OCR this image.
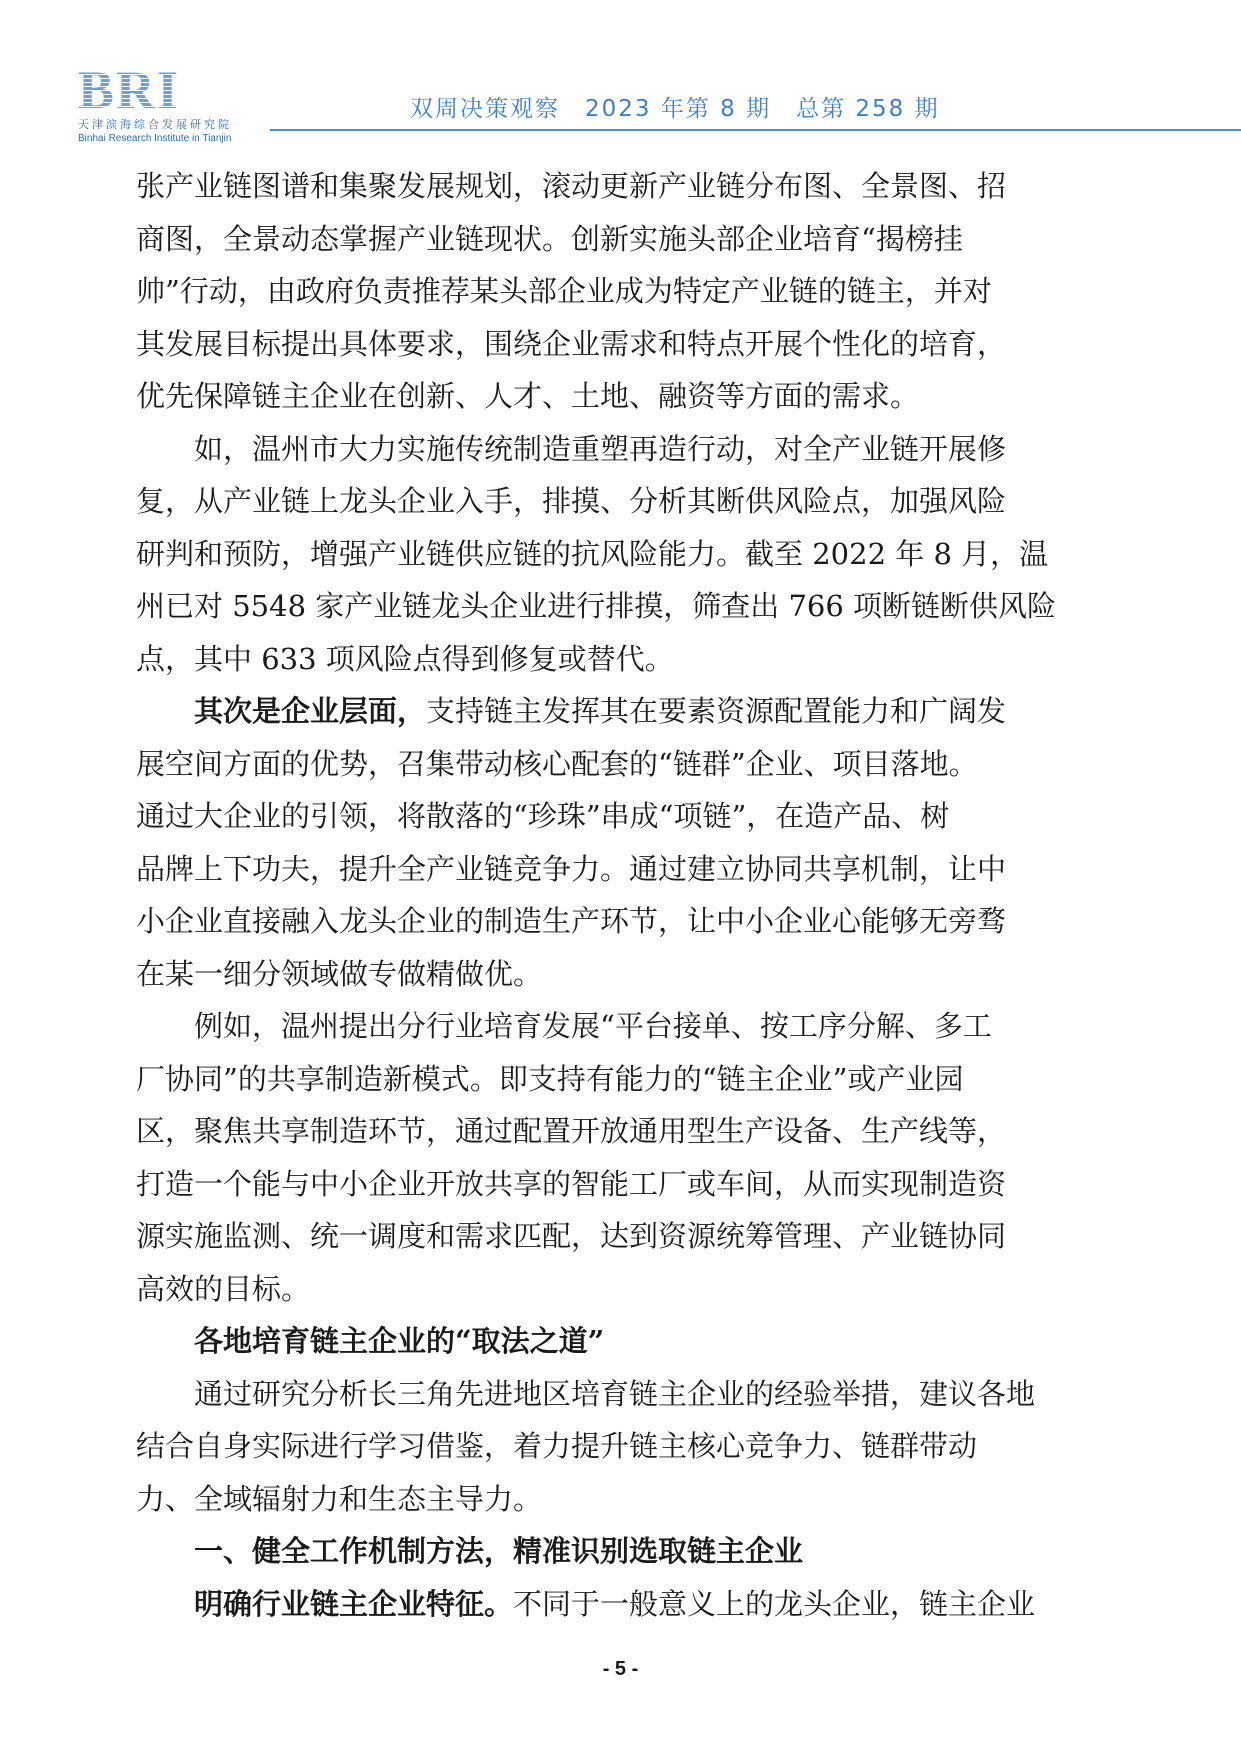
BRI
天津滨海综合发展研究院
Binhai Research Institute in Tianjin
双周决策观察　2023 年第 8 期　总第 258 期

张产业链图谱和集聚发展规划，滚动更新产业链分布图、全景图、招

商图，全景动态掌握产业链现状。创新实施头部企业培育“揭榜挂

帅”行动，由政府负责推荐某头部企业成为特定产业链的链主，并对

其发展目标提出具体要求，围绕企业需求和特点开展个性化的培育，

优先保障链主企业在创新、人才、土地、融资等方面的需求。

如，温州市大力实施传统制造重塑再造行动，对全产业链开展修

复，从产业链上龙头企业入手，排摸、分析其断供风险点，加强风险

研判和预防，增强产业链供应链的抗风险能力。截至 2022 年 8 月，温

州已对 5548 家产业链龙头企业进行排摸，筛查出 766 项断链断供风险

点，其中 633 项风险点得到修复或替代。

其次是企业层面，支持链主发挥其在要素资源配置能力和广阔发

展空间方面的优势，召集带动核心配套的“链群”企业、项目落地。

通过大企业的引领，将散落的“珍珠”串成“项链”，在造产品、树

品牌上下功夫，提升全产业链竞争力。通过建立协同共享机制，让中

小企业直接融入龙头企业的制造生产环节，让中小企业心能够无旁骛

在某一细分领域做专做精做优。

例如，温州提出分行业培育发展“平台接单、按工序分解、多工

厂协同”的共享制造新模式。即支持有能力的“链主企业”或产业园

区，聚焦共享制造环节，通过配置开放通用型生产设备、生产线等，

打造一个能与中小企业开放共享的智能工厂或车间，从而实现制造资

源实施监测、统一调度和需求匹配，达到资源统筹管理、产业链协同

高效的目标。

各地培育链主企业的“取法之道”

通过研究分析长三角先进地区培育链主企业的经验举措，建议各地

结合自身实际进行学习借鉴，着力提升链主核心竞争力、链群带动

力、全域辐射力和生态主导力。

一、健全工作机制方法，精准识别选取链主企业

明确行业链主企业特征。不同于一般意义上的龙头企业，链主企业

- 5 -
